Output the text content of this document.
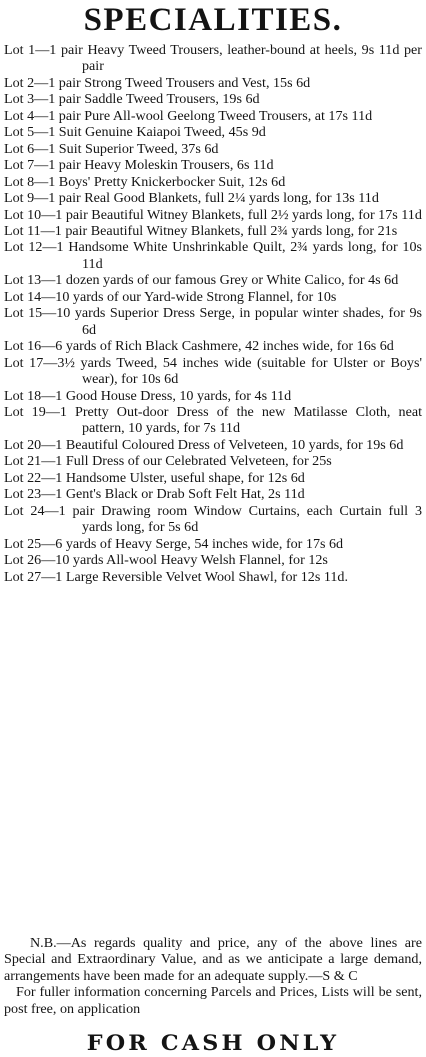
SPECIALITIES.
Lot 1—1 pair Heavy Tweed Trousers, leather-bound at heels, 9s 11d per pair
Lot 2—1 pair Strong Tweed Trousers and Vest, 15s 6d
Lot 3—1 pair Saddle Tweed Trousers, 19s 6d
Lot 4—1 pair Pure All-wool Geelong Tweed Trousers, at 17s 11d
Lot 5—1 Suit Genuine Kaiapoi Tweed, 45s 9d
Lot 6—1 Suit Superior Tweed, 37s 6d
Lot 7—1 pair Heavy Moleskin Trousers, 6s 11d
Lot 8—1 Boys' Pretty Knickerbocker Suit, 12s 6d
Lot 9—1 pair Real Good Blankets, full 2¼ yards long, for 13s 11d
Lot 10—1 pair Beautiful Witney Blankets, full 2½ yards long, for 17s 11d
Lot 11—1 pair Beautiful Witney Blankets, full 2¾ yards long, for 21s
Lot 12—1 Handsome White Unshrinkable Quilt, 2¾ yards long, for 10s 11d
Lot 13—1 dozen yards of our famous Grey or White Calico, for 4s 6d
Lot 14—10 yards of our Yard-wide Strong Flannel, for 10s
Lot 15—10 yards Superior Dress Serge, in popular winter shades, for 9s 6d
Lot 16—6 yards of Rich Black Cashmere, 42 inches wide, for 16s 6d
Lot 17—3½ yards Tweed, 54 inches wide (suitable for Ulster or Boys' wear), for 10s 6d
Lot 18—1 Good House Dress, 10 yards, for 4s 11d
Lot 19—1 Pretty Out-door Dress of the new Matilasse Cloth, neat pattern, 10 yards, for 7s 11d
Lot 20—1 Beautiful Coloured Dress of Velveteen, 10 yards, for 19s 6d
Lot 21—1 Full Dress of our Celebrated Velveteen, for 25s
Lot 22—1 Handsome Ulster, useful shape, for 12s 6d
Lot 23—1 Gent's Black or Drab Soft Felt Hat, 2s 11d
Lot 24—1 pair Drawing room Window Curtains, each Curtain full 3 yards long, for 5s 6d
Lot 25—6 yards of Heavy Serge, 54 inches wide, for 17s 6d
Lot 26—10 yards All-wool Heavy Welsh Flannel, for 12s
Lot 27—1 Large Reversible Velvet Wool Shawl, for 12s 11d.

N.B.—As regards quality and price, any of the above lines are Special and Extraordinary Value, and as we anticipate a large demand, arrangements have been made for an adequate supply.—S & C

For fuller information concerning Parcels and Prices, Lists will be sent, post free, on application

FOR CASH ONLY
